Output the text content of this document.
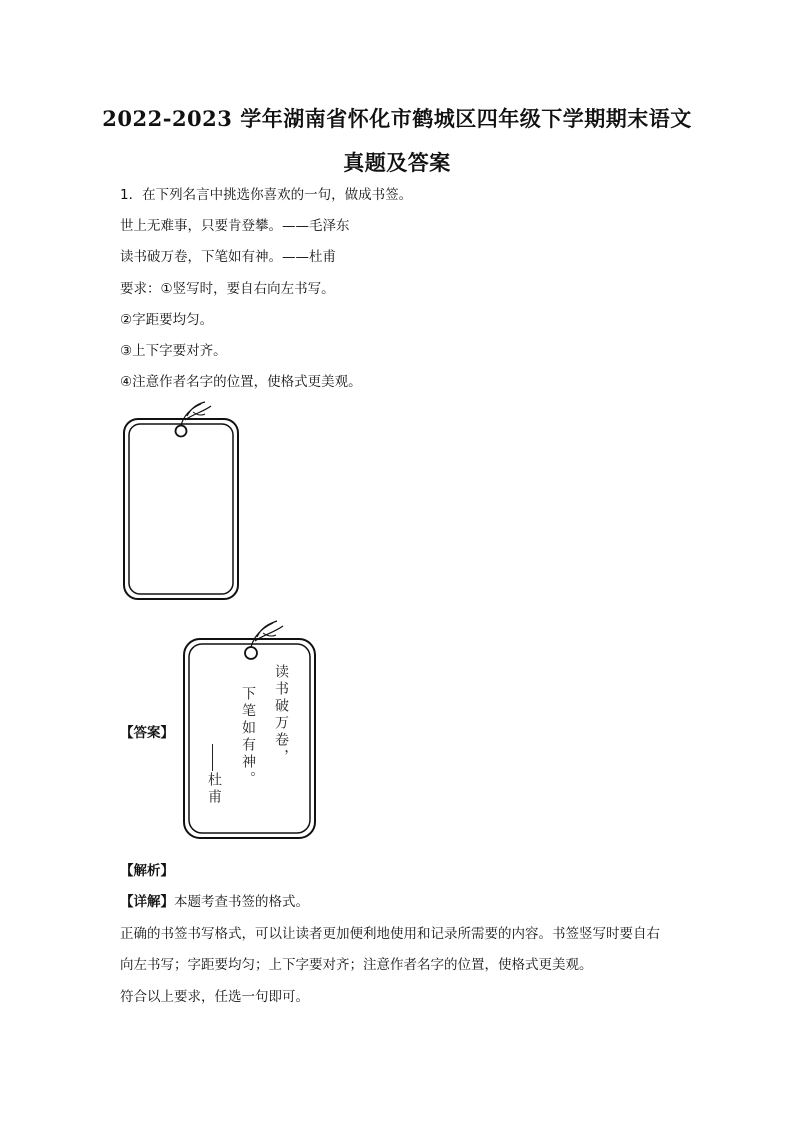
2022-2023 学年湖南省怀化市鹤城区四年级下学期期末语文
真题及答案
1．在下列名言中挑选你喜欢的一句，做成书签。
世上无难事，只要肯登攀。——毛泽东
读书破万卷，下笔如有神。——杜甫
要求：①竖写时，要自右向左书写。
②字距要均匀。
③上下字要对齐。
④注意作者名字的位置，使格式更美观。
【答案】	读书破万卷，
下笔如有神。
杜甫
【解析】
【详解】本题考查书签的格式。
正确的书签书写格式，可以让读者更加便利地使用和记录所需要的内容。书签竖写时要自右
向左书写；字距要均匀；上下字要对齐；注意作者名字的位置，使格式更美观。
符合以上要求，任选一句即可。
